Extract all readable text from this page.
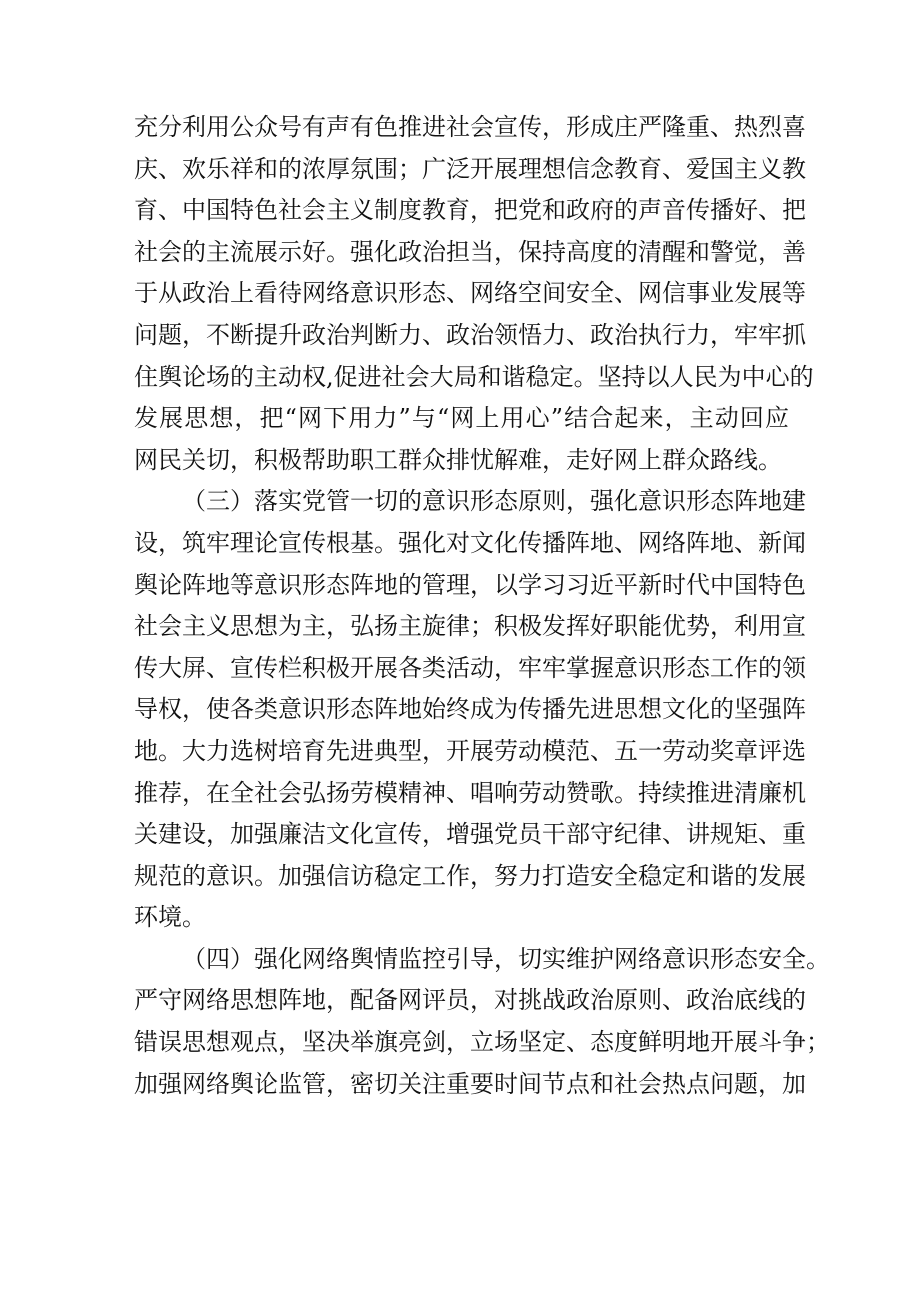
充分利用公众号有声有色推进社会宣传，形成庄严隆重、热烈喜
庆、欢乐祥和的浓厚氛围；广泛开展理想信念教育、爱国主义教
育、中国特色社会主义制度教育，把党和政府的声音传播好、把
社会的主流展示好。强化政治担当，保持高度的清醒和警觉，善
于从政治上看待网络意识形态、网络空间安全、网信事业发展等
问题，不断提升政治判断力、政治领悟力、政治执行力，牢牢抓
住舆论场的主动权,促进社会大局和谐稳定。坚持以人民为中心的
发展思想，把“网下用力”与“网上用心”结合起来，主动回应
网民关切，积极帮助职工群众排忧解难，走好网上群众路线。
（三）落实党管一切的意识形态原则，强化意识形态阵地建
设，筑牢理论宣传根基。强化对文化传播阵地、网络阵地、新闻
舆论阵地等意识形态阵地的管理，以学习习近平新时代中国特色
社会主义思想为主，弘扬主旋律；积极发挥好职能优势，利用宣
传大屏、宣传栏积极开展各类活动，牢牢掌握意识形态工作的领
导权，使各类意识形态阵地始终成为传播先进思想文化的坚强阵
地。大力选树培育先进典型，开展劳动模范、五一劳动奖章评选
推荐，在全社会弘扬劳模精神、唱响劳动赞歌。持续推进清廉机
关建设，加强廉洁文化宣传，增强党员干部守纪律、讲规矩、重
规范的意识。加强信访稳定工作，努力打造安全稳定和谐的发展
环境。
（四）强化网络舆情监控引导，切实维护网络意识形态安全。
严守网络思想阵地，配备网评员，对挑战政治原则、政治底线的
错误思想观点，坚决举旗亮剑，立场坚定、态度鲜明地开展斗争；
加强网络舆论监管，密切关注重要时间节点和社会热点问题，加
